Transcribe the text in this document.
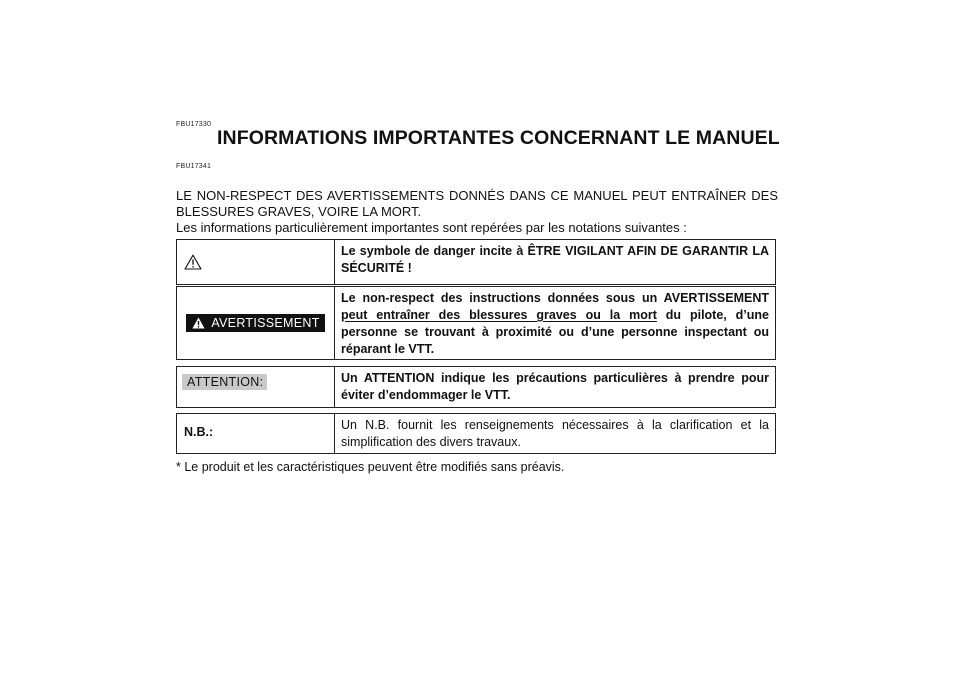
FBU17330
INFORMATIONS IMPORTANTES CONCERNANT LE MANUEL
FBU17341

LE NON-RESPECT DES AVERTISSEMENTS DONNÉS DANS CE MANUEL PEUT ENTRAÎNER DES

BLESSURES GRAVES, VOIRE LA MORT.

Les informations particulièrement importantes sont repérées par les notations suivantes :

Le symbole de danger incite à ÊTRE VIGILANT AFIN DE GARANTIR LA SÉCURITÉ !
AVERTISSEMENT
Le non-respect des instructions données sous un AVERTISSEMENT peut entraîner des blessures graves ou la mort du pilote, d’une personne se trouvant à proximité ou d’une personne inspectant ou réparant le VTT.
ATTENTION:	Un ATTENTION indique les précautions particulières à prendre pour éviter d’endommager le VTT.
N.B.:	Un N.B. fournit les renseignements nécessaires à la clarification et la simplification des divers travaux.
* Le produit et les caractéristiques peuvent être modifiés sans préavis.
